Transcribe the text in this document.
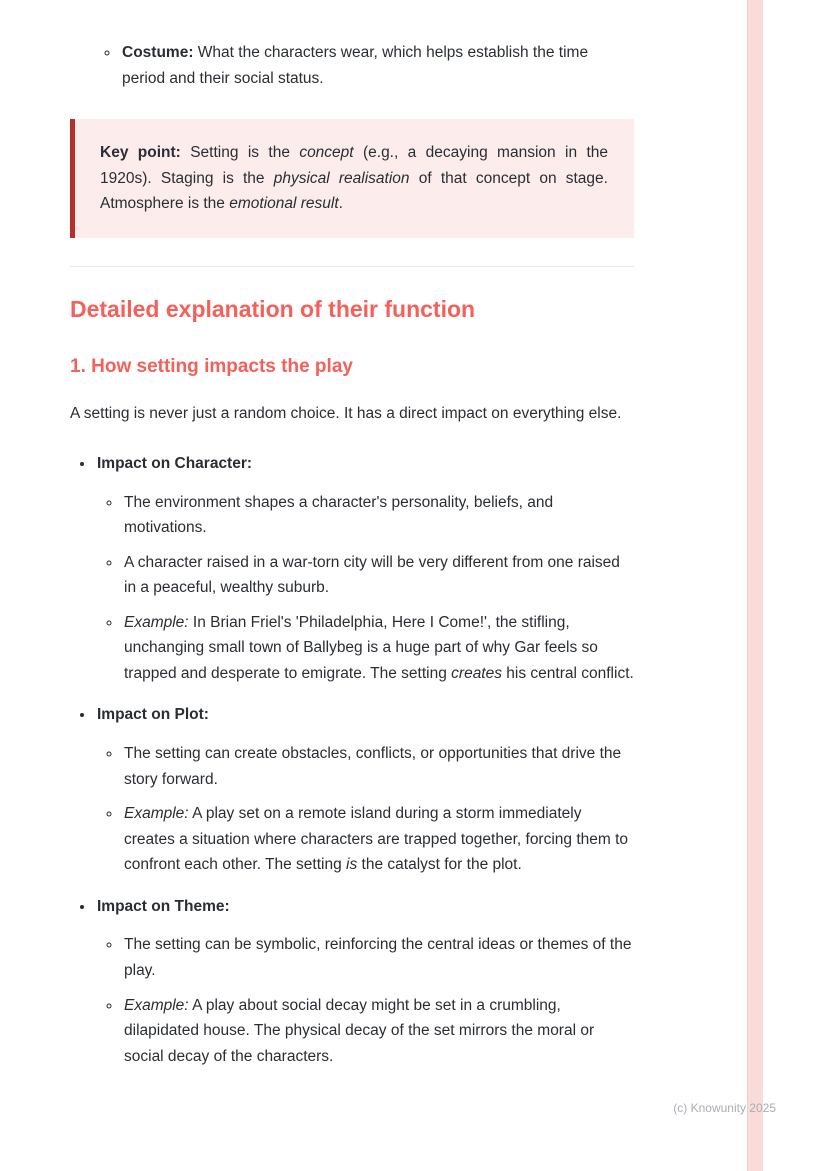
◦ Costume: What the characters wear, which helps establish the time period and their social status.

Key point: Setting is the concept (e.g., a decaying mansion in the 1920s). Staging is the physical realisation of that concept on stage. Atmosphere is the emotional result.

Detailed explanation of their function
1. How setting impacts the play

A setting is never just a random choice. It has a direct impact on everything else.

• Impact on Character:
◦ The environment shapes a character's personality, beliefs, and motivations.
◦ A character raised in a war-torn city will be very different from one raised in a peaceful, wealthy suburb.
◦ Example: In Brian Friel's 'Philadelphia, Here I Come!', the stifling, unchanging small town of Ballybeg is a huge part of why Gar feels so trapped and desperate to emigrate. The setting creates his central conflict.
• Impact on Plot:
◦ The setting can create obstacles, conflicts, or opportunities that drive the story forward.
◦ Example: A play set on a remote island during a storm immediately creates a situation where characters are trapped together, forcing them to confront each other. The setting is the catalyst for the plot.
• Impact on Theme:
◦ The setting can be symbolic, reinforcing the central ideas or themes of the play.
◦ Example: A play about social decay might be set in a crumbling, dilapidated house. The physical decay of the set mirrors the moral or social decay of the characters.
(c) Knowunity 2025
